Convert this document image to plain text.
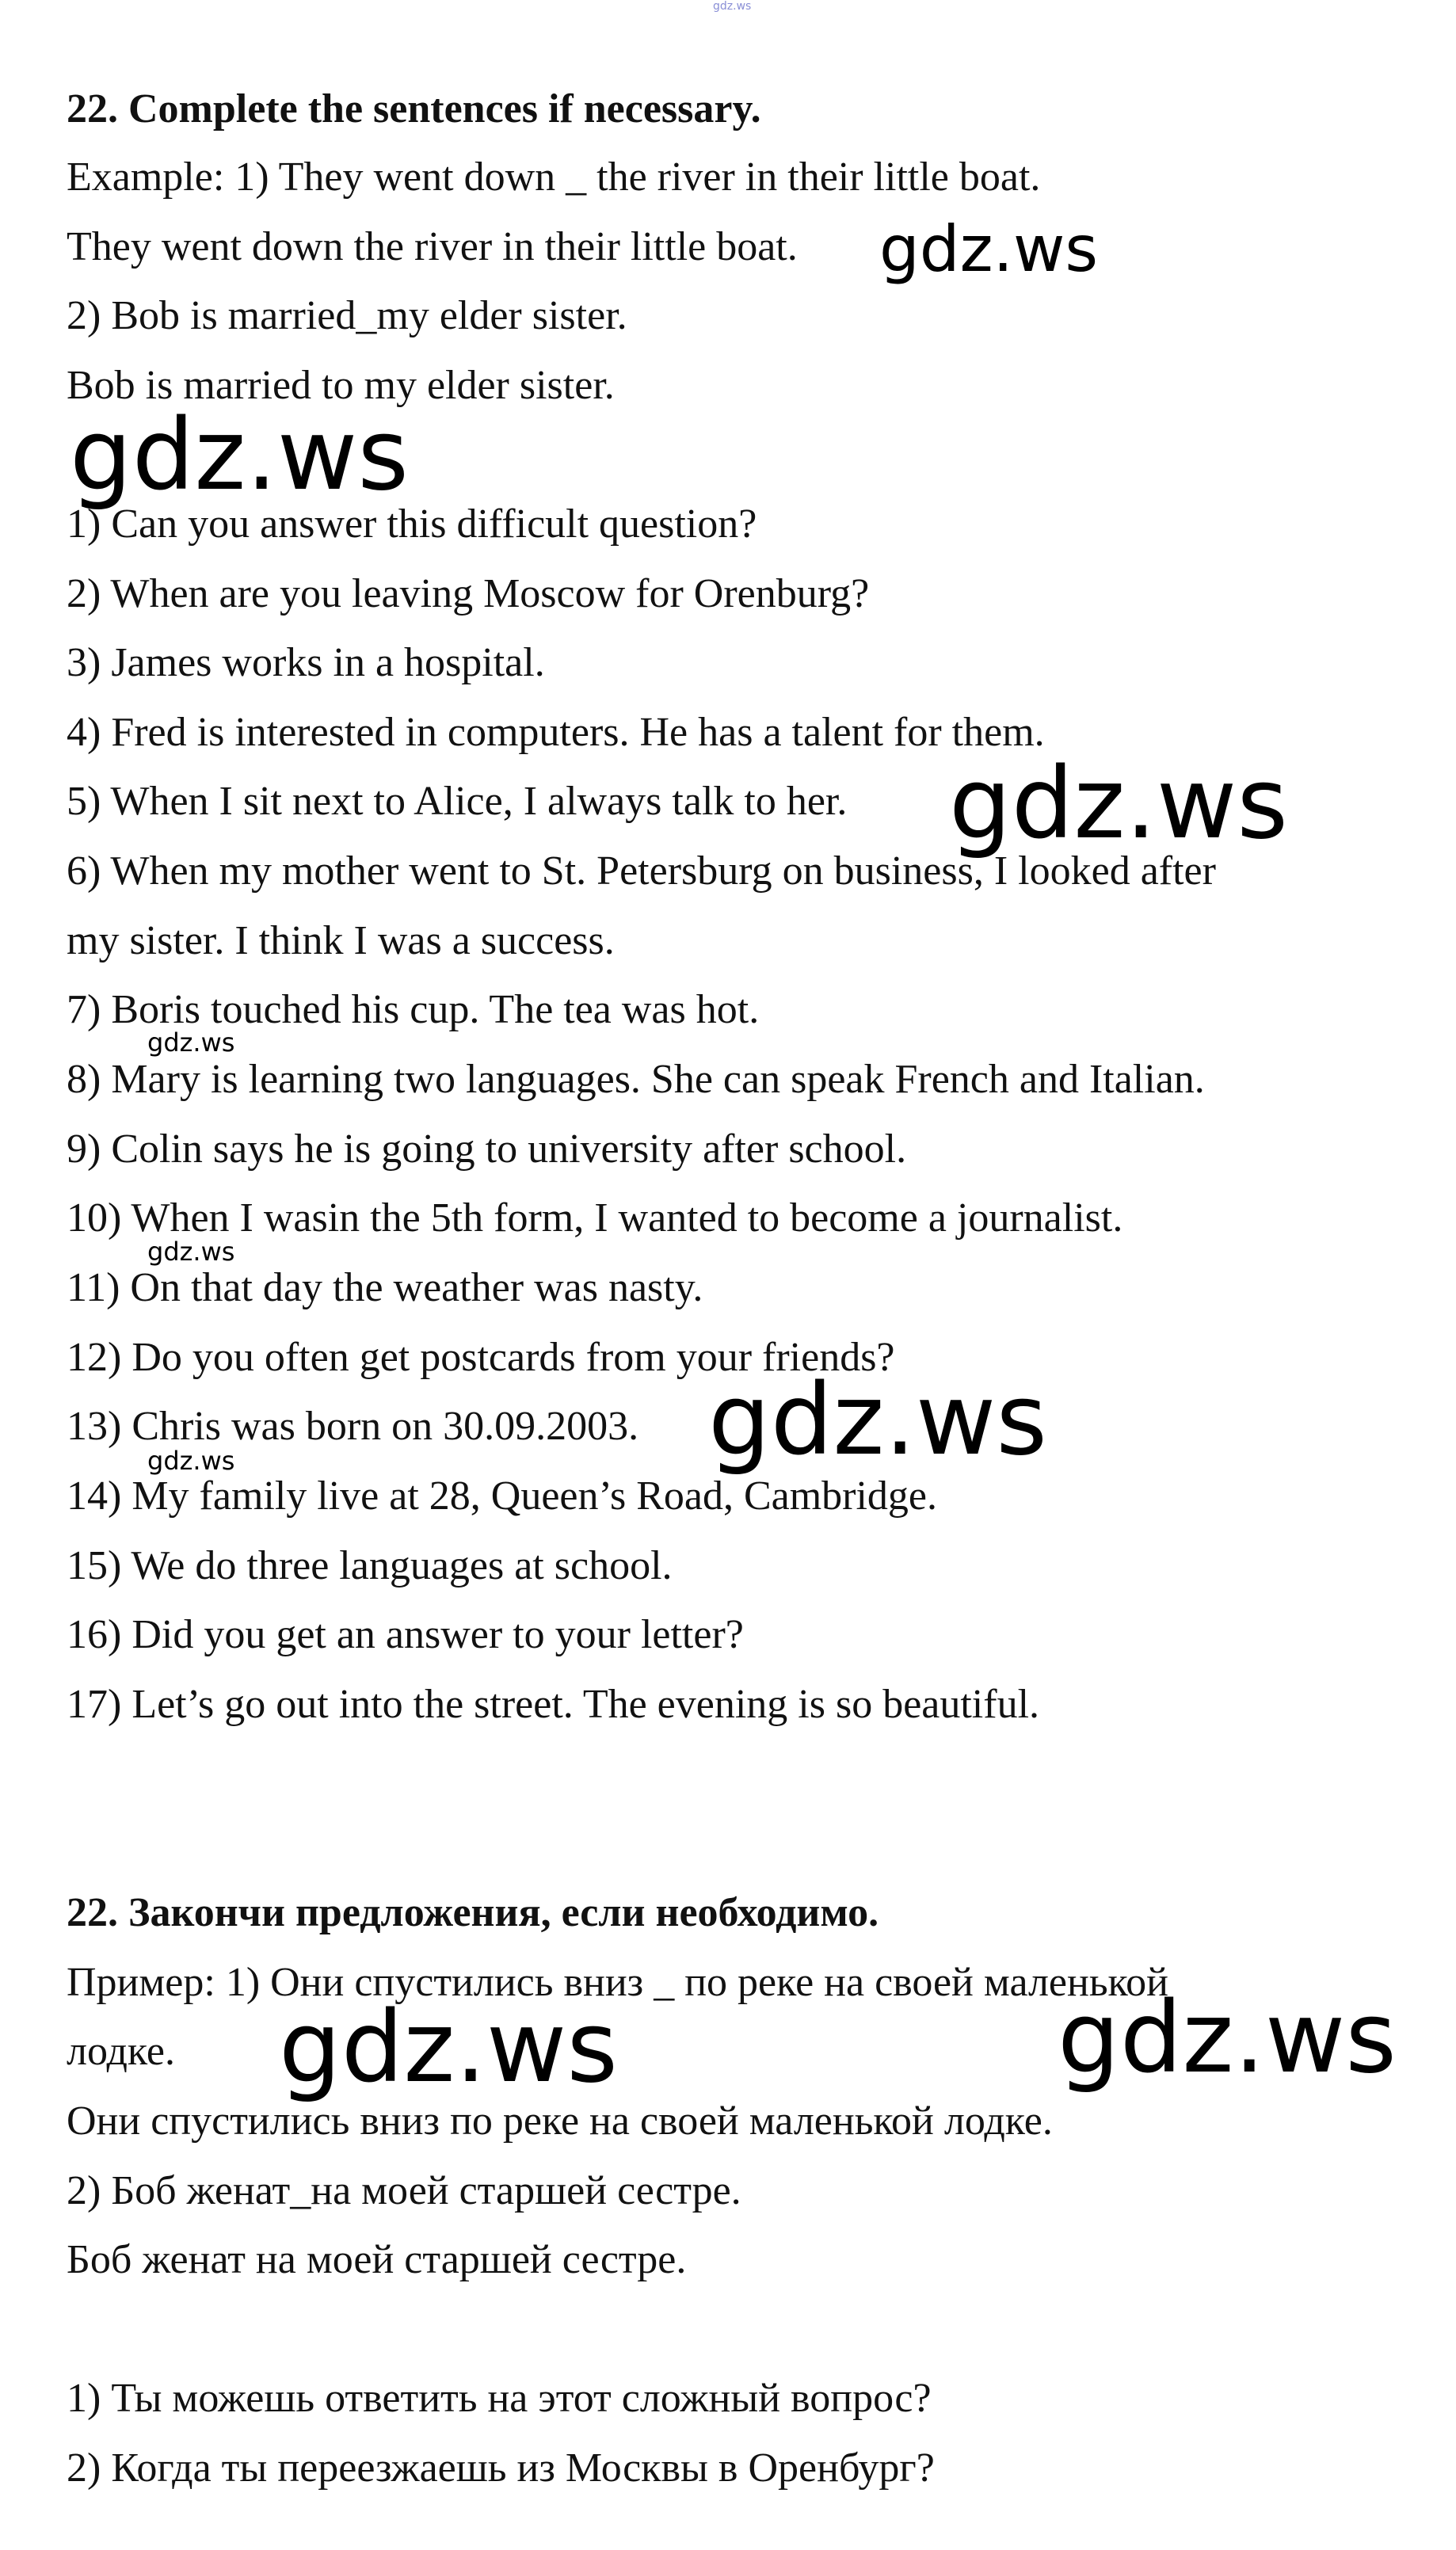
gdz.ws
22. Complete the sentences if necessary.
Example: 1) They went down _ the river in their little boat.
They went down the river in their little boat.
2) Bob is married_my elder sister.
Bob is married to my elder sister.
1) Can you answer this difficult question?
2) When are you leaving Moscow for Orenburg?
3) James works in a hospital.
4) Fred is interested in computers. He has a talent for them.
5) When I sit next to Alice, I always talk to her.
6) When my mother went to St. Petersburg on business, I looked after
my sister. I think I was a success.
7) Boris touched his cup. The tea was hot.
8) Mary is learning two languages. She can speak French and Italian.
9) Colin says he is going to university after school.
10) When I wasin the 5th form, I wanted to become a journalist.
11) On that day the weather was nasty.
12) Do you often get postcards from your friends?
13) Chris was born on 30.09.2003.
14) My family live at 28, Queen’s Road, Cambridge.
15) We do three languages at school.
16) Did you get an answer to your letter?
17) Let’s go out into the street. The evening is so beautiful.
22. Закончи предложения, если необходимо.
Пример: 1) Они спустились вниз _ по реке на своей маленькой
лодке.
Они спустились вниз по реке на своей маленькой лодке.
2) Боб женат_на моей старшей сестре.
Боб женат на моей старшей сестре.
1) Ты можешь ответить на этот сложный вопрос?
2) Когда ты переезжаешь из Москвы в Оренбург?
gdz.ws
gdz.ws
gdz.ws
gdz.ws
gdz.ws
gdz.ws
gdz.ws
gdz.ws	gdz.ws
